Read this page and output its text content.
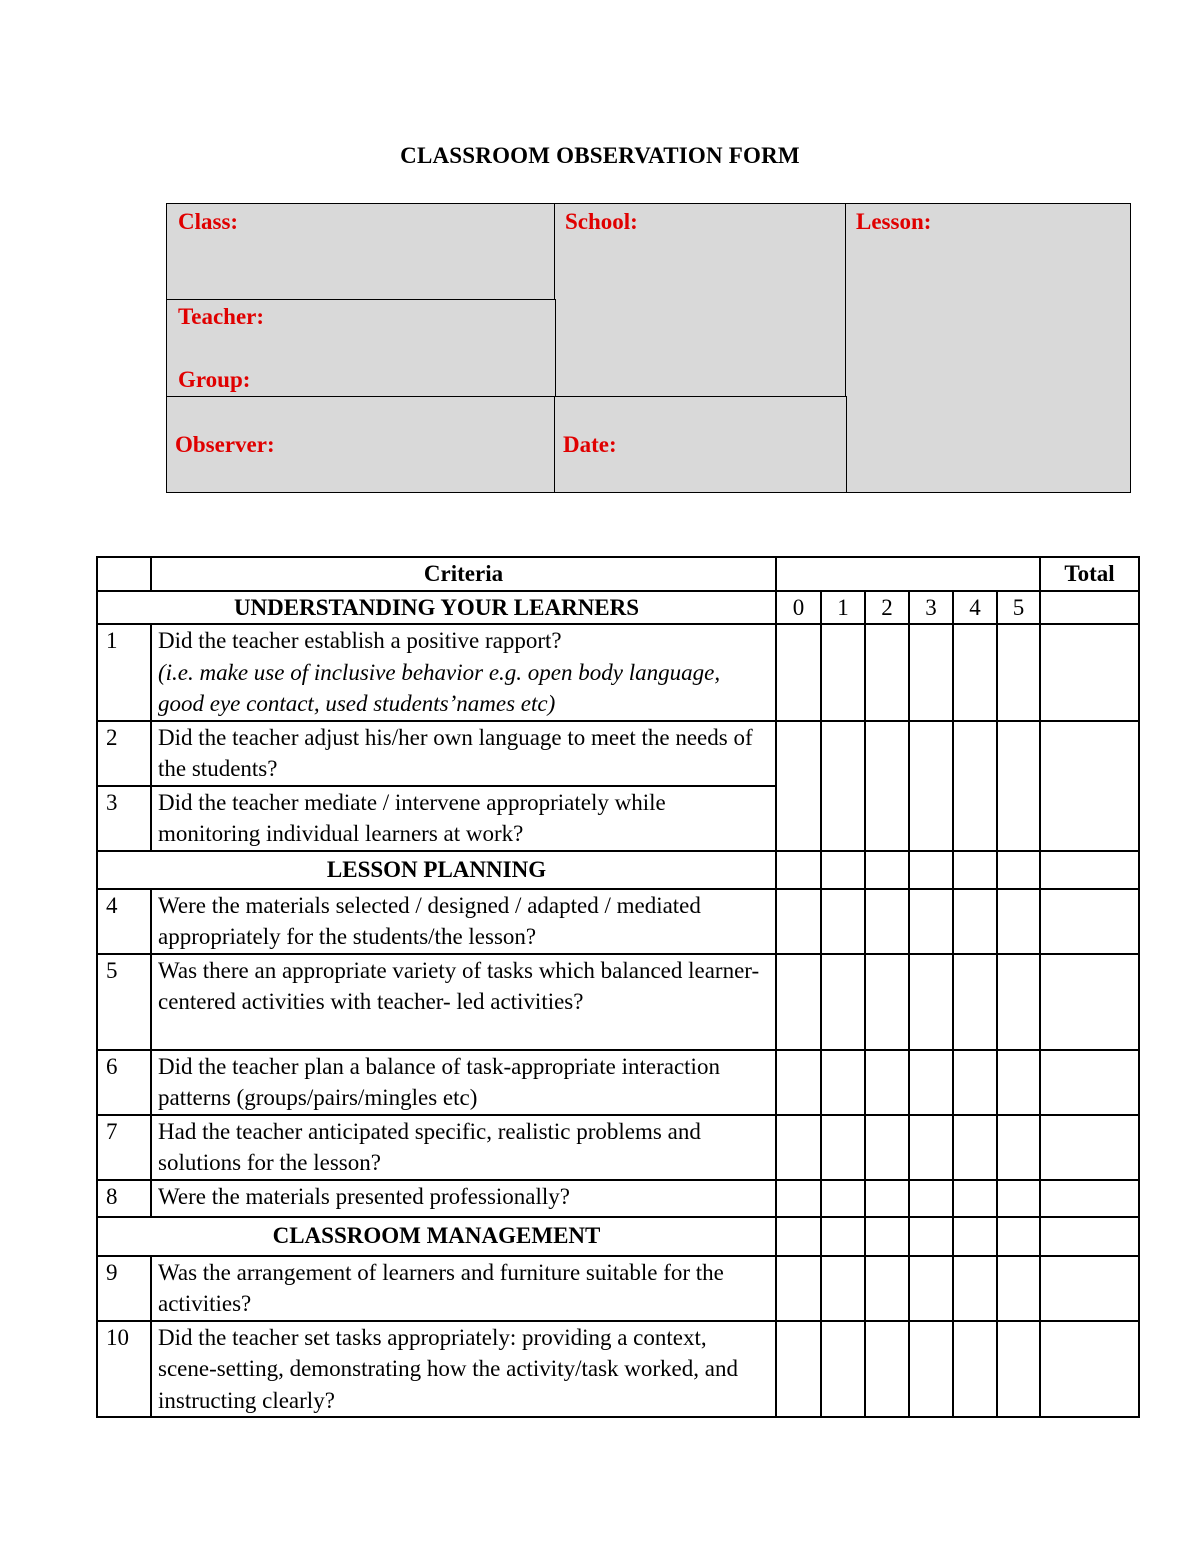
CLASSROOM OBSERVATION FORM
Class:	School:	Lesson:
Teacher:
Group:
Observer:	Date:
	Criteria							Total
UNDERSTANDING YOUR LEARNERS		0	1	2	3	4	5	
1	Did the teacher establish a positive rapport?
(i.e. make use of inclusive behavior e.g. open body language, good eye contact, used students’names etc)							

2	Did the teacher adjust his/her own language to meet the needs of the students?							
3	Did the teacher mediate / intervene appropriately while monitoring individual learners at work?							
LESSON PLANNING								
4	Were the materials selected / designed / adapted / mediated appropriately for the students/the lesson?							
5	Was there an appropriate variety of tasks which balanced learner-centered activities with teacher- led activities?							
6	Did the teacher plan a balance of task-appropriate interaction patterns (groups/pairs/mingles etc)							
7	Had the teacher anticipated specific, realistic problems and solutions for the lesson?							
8	Were the materials presented professionally?							
CLASSROOM MANAGEMENT								
9	Was the arrangement of learners and furniture suitable for the activities?							
10	Did the teacher set tasks appropriately: providing a context, scene-setting, demonstrating how the activity/task worked, and instructing clearly?							
